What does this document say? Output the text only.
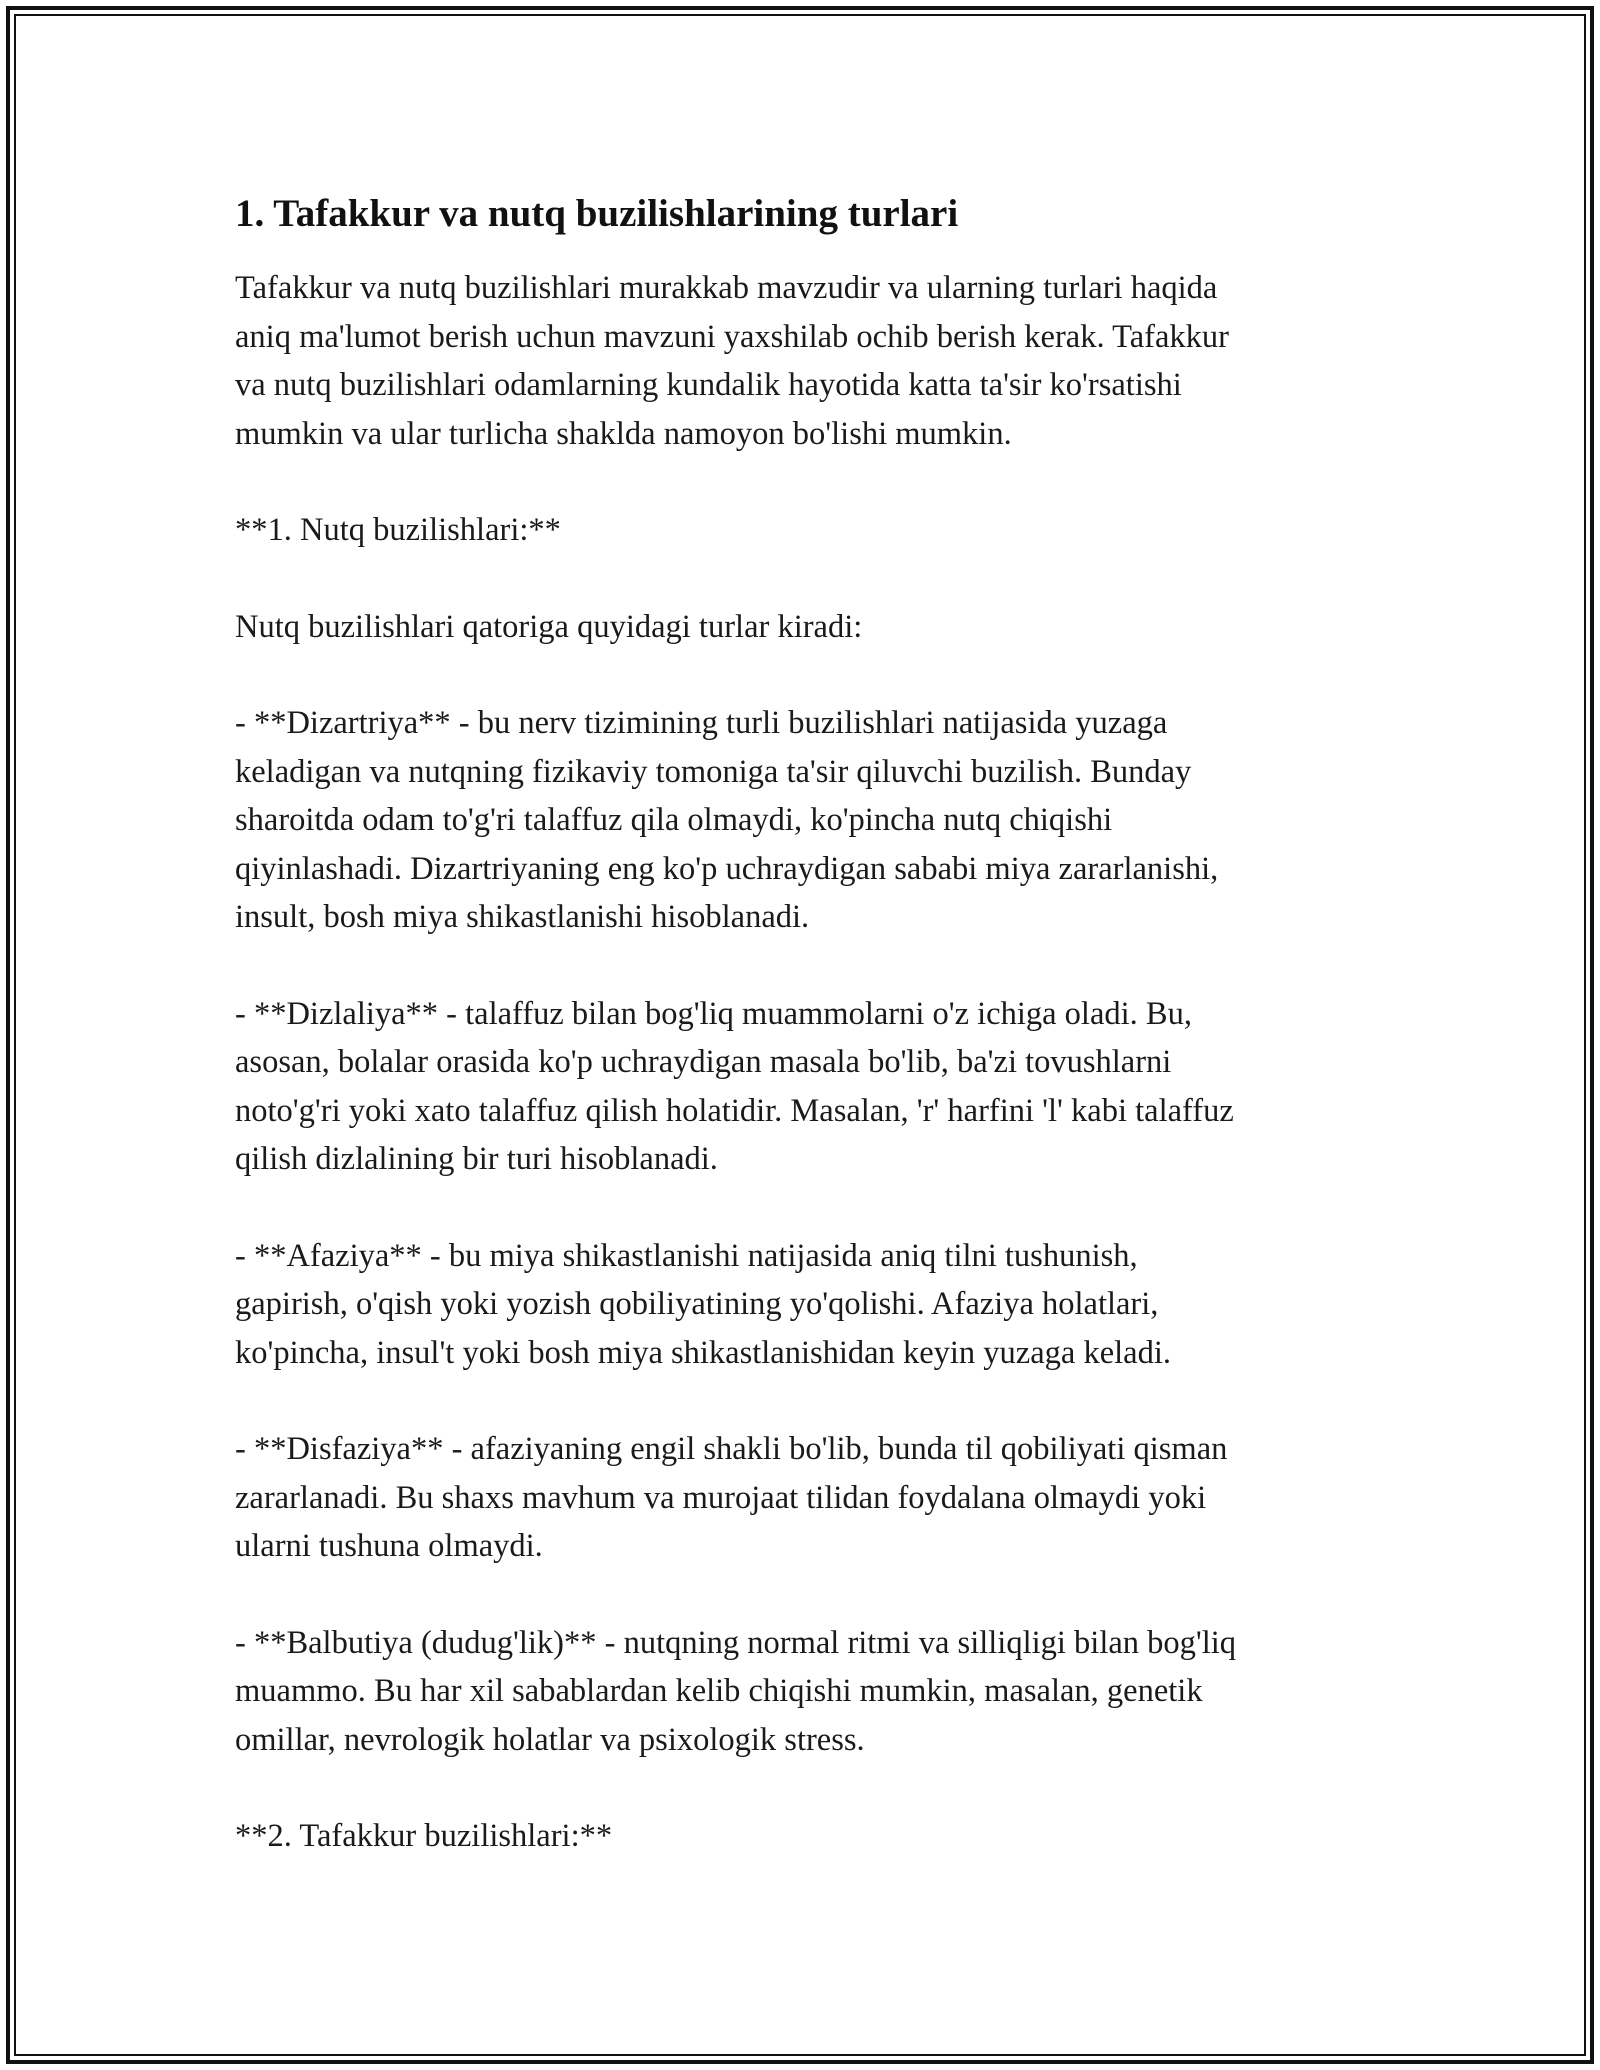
1. Tafakkur va nutq buzilishlarining turlari

Tafakkur va nutq buzilishlari murakkab mavzudir va ularning turlari haqida
aniq ma'lumot berish uchun mavzuni yaxshilab ochib berish kerak. Tafakkur
va nutq buzilishlari odamlarning kundalik hayotida katta ta'sir ko'rsatishi
mumkin va ular turlicha shaklda namoyon bo'lishi mumkin.

**1. Nutq buzilishlari:**

Nutq buzilishlari qatoriga quyidagi turlar kiradi:

- **Dizartriya** - bu nerv tizimining turli buzilishlari natijasida yuzaga
keladigan va nutqning fizikaviy tomoniga ta'sir qiluvchi buzilish. Bunday
sharoitda odam to'g'ri talaffuz qila olmaydi, ko'pincha nutq chiqishi
qiyinlashadi. Dizartriyaning eng ko'p uchraydigan sababi miya zararlanishi,
insult, bosh miya shikastlanishi hisoblanadi.

- **Dizlaliya** - talaffuz bilan bog'liq muammolarni o'z ichiga oladi. Bu,
asosan, bolalar orasida ko'p uchraydigan masala bo'lib, ba'zi tovushlarni
noto'g'ri yoki xato talaffuz qilish holatidir. Masalan, 'r' harfini 'l' kabi talaffuz
qilish dizlalining bir turi hisoblanadi.

- **Afaziya** - bu miya shikastlanishi natijasida aniq tilni tushunish,
gapirish, o'qish yoki yozish qobiliyatining yo'qolishi. Afaziya holatlari,
ko'pincha, insul't yoki bosh miya shikastlanishidan keyin yuzaga keladi.

- **Disfaziya** - afaziyaning engil shakli bo'lib, bunda til qobiliyati qisman
zararlanadi. Bu shaxs mavhum va murojaat tilidan foydalana olmaydi yoki
ularni tushuna olmaydi.

- **Balbutiya (dudug'lik)** - nutqning normal ritmi va silliqligi bilan bog'liq
muammo. Bu har xil sabablardan kelib chiqishi mumkin, masalan, genetik
omillar, nevrologik holatlar va psixologik stress.

**2. Tafakkur buzilishlari:**
